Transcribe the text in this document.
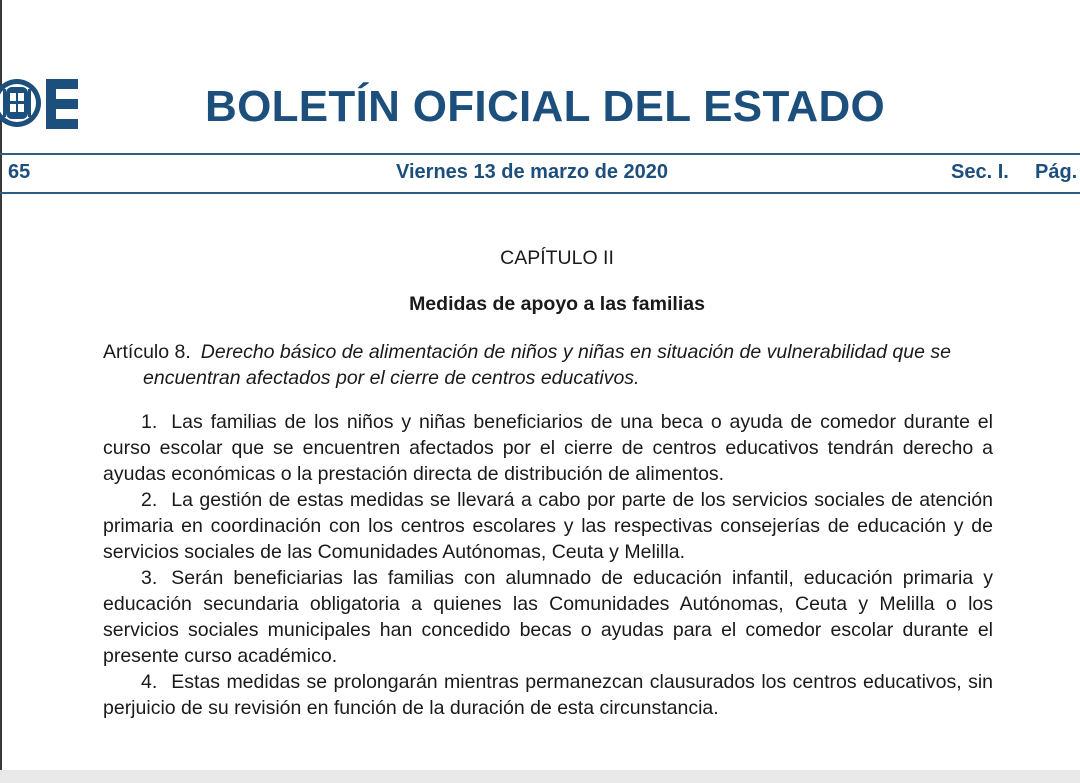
BOLETÍN OFICIAL DEL ESTADO
65	Viernes 13 de marzo de 2020	Sec. I. Pág.

CAPÍTULO II

Medidas de apoyo a las familias

Artículo 8. Derecho básico de alimentación de niños y niñas en situación de vulnerabilidad que se encuentran afectados por el cierre de centros educativos.

1. Las familias de los niños y niñas beneficiarios de una beca o ayuda de comedor durante el curso escolar que se encuentren afectados por el cierre de centros educativos tendrán derecho a ayudas económicas o la prestación directa de distribución de alimentos.

2. La gestión de estas medidas se llevará a cabo por parte de los servicios sociales de atención primaria en coordinación con los centros escolares y las respectivas consejerías de educación y de servicios sociales de las Comunidades Autónomas, Ceuta y Melilla.

3. Serán beneficiarias las familias con alumnado de educación infantil, educación primaria y educación secundaria obligatoria a quienes las Comunidades Autónomas, Ceuta y Melilla o los servicios sociales municipales han concedido becas o ayudas para el comedor escolar durante el presente curso académico.

4. Estas medidas se prolongarán mientras permanezcan clausurados los centros educativos, sin perjuicio de su revisión en función de la duración de esta circunstancia.
